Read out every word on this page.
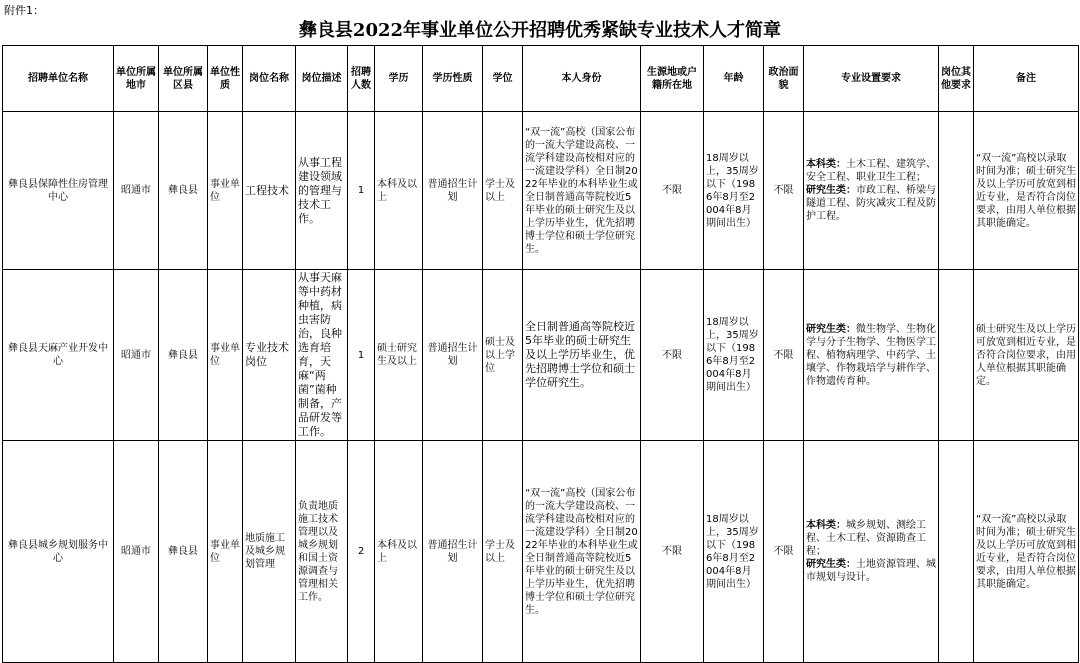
附件1：
彝良县2022年事业单位公开招聘优秀紧缺专业技术人才简章
招聘单位名称	单位所属地市	单位所属区县	单位性质	岗位名称	岗位描述	招聘人数	学历	学历性质	学位	本人身份	生源地或户籍所在地	年龄	政治面貌	专业设置要求	岗位其他要求	备注
彝良县保障性住房管理中心	昭通市	彝良县	事业单位	工程技术	从事工程建设领域的管理与技术工作。	1	本科及以上	普通招生计划	学士及以上	“双一流”高校（国家公布的一流大学建设高校、一流学科建设高校相对应的一流建设学科）全日制2022年毕业的本科毕业生或全日制普通高等院校近5年毕业的硕士研究生及以上学历毕业生，优先招聘博士学位和硕士学位研究生。	不限	18周岁以上，35周岁以下（1986年8月至2004年8月期间出生）	不限	本科类：土木工程、建筑学、安全工程、职业卫生工程；
研究生类：市政工程、桥梁与隧道工程、防灾减灾工程及防护工程。		“双一流”高校以录取时间为准；硕士研究生及以上学历可放宽到相近专业，是否符合岗位要求，由用人单位根据其职能确定。
彝良县天麻产业开发中心	昭通市	彝良县	事业单位	专业技术岗位	从事天麻等中药材种植，病虫害防治，良种选育培育，天麻“两菌”菌种制备，产品研发等工作。	1	硕士研究生及以上	普通招生计划	硕士及以上学位	全日制普通高等院校近5年毕业的硕士研究生及以上学历毕业生，优先招聘博士学位和硕士学位研究生。	不限	18周岁以上，35周岁以下（1986年8月至2004年8月期间出生）	不限	研究生类：微生物学、生物化学与分子生物学、生物医学工程、植物病理学、中药学、土壤学、作物栽培学与耕作学、作物遗传育种。		硕士研究生及以上学历可放宽到相近专业，是否符合岗位要求，由用人单位根据其职能确定。
彝良县城乡规划服务中心	昭通市	彝良县	事业单位	地质施工及城乡规划管理	负责地质施工技术管理以及城乡规划和国土资源调查与管理相关工作。	2	本科及以上	普通招生计划	学士及以上	“双一流”高校（国家公布的一流大学建设高校、一流学科建设高校相对应的一流建设学科）全日制2022年毕业的本科毕业生或全日制普通高等院校近5年毕业的硕士研究生及以上学历毕业生，优先招聘博士学位和硕士学位研究生。	不限	18周岁以上，35周岁以下（1986年8月至2004年8月期间出生）	不限	本科类：城乡规划、测绘工程、土木工程、资源勘查工程；
研究生类：土地资源管理、城市规划与设计。		“双一流”高校以录取时间为准；硕士研究生及以上学历可放宽到相近专业，是否符合岗位要求，由用人单位根据其职能确定。
